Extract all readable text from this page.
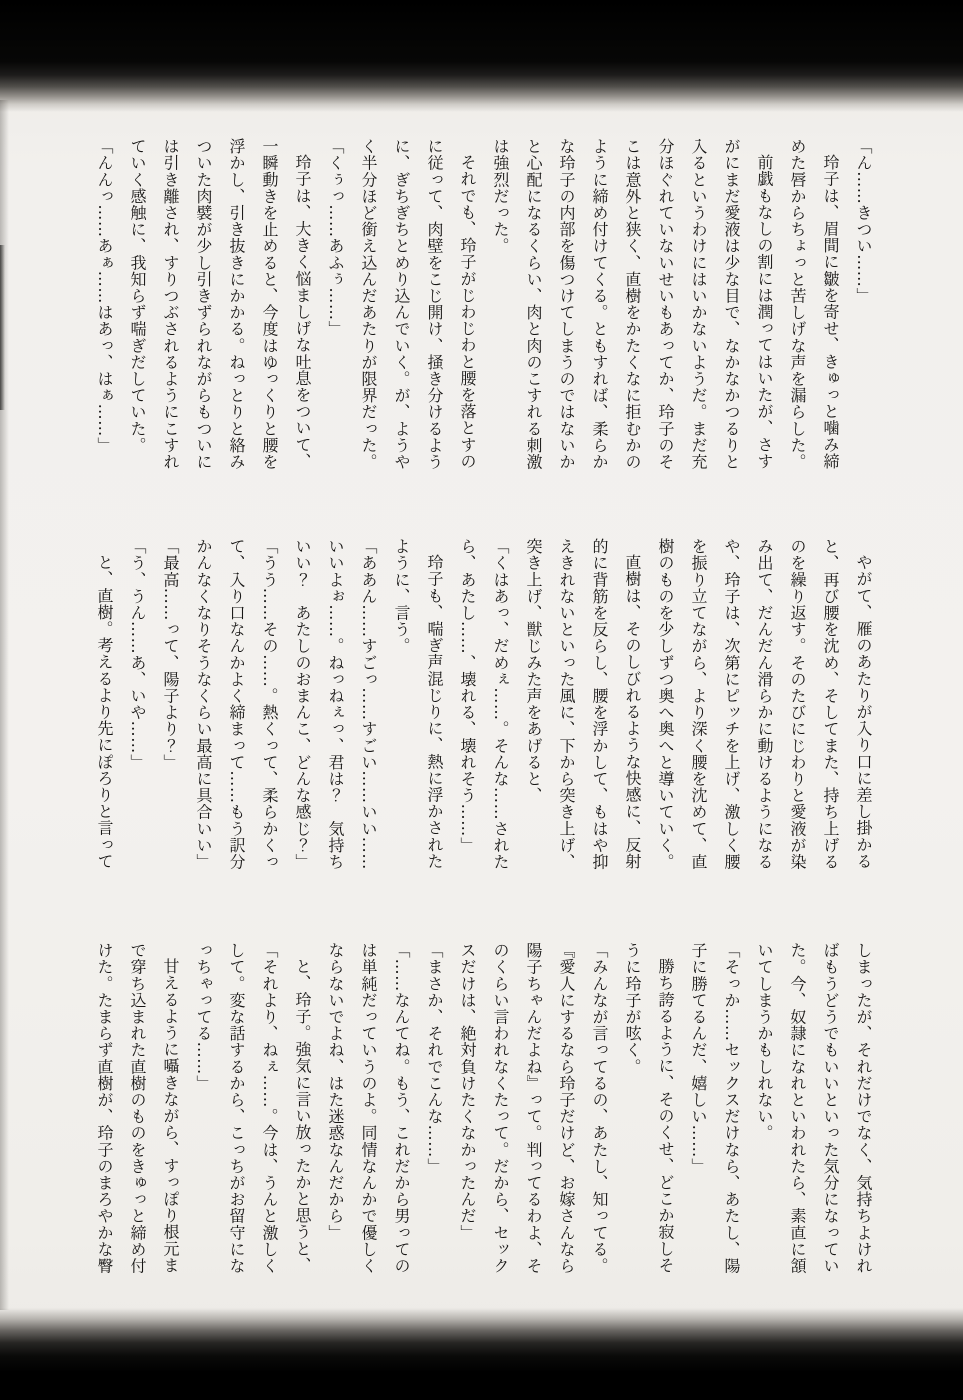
「ん……きつい……」

玲子は、眉間に皺を寄せ、きゅっと噛み締めた唇からちょっと苦しげな声を漏らした。

前戯もなしの割には潤ってはいたが、さすがにまだ愛液は少な目で、なかなかつるりと入るというわけにはいかないようだ。まだ充分ほぐれていないせいもあってか、玲子のそこは意外と狭く、直樹をかたくなに拒むかのように締め付けてくる。ともすれば、柔らかな玲子の内部を傷つけてしまうのではないかと心配になるくらい、肉と肉のこすれる刺激は強烈だった。

それでも、玲子がじわじわと腰を落とすのに従って、肉壁をこじ開け、掻き分けるように、ぎちぎちとめり込んでいく。が、ようやく半分ほど銜え込んだあたりが限界だった。

「くぅっ……あふぅ……」

玲子は、大きく悩ましげな吐息をついて、一瞬動きを止めると、今度はゆっくりと腰を浮かし、引き抜きにかかる。ねっとりと絡みついた肉襞が少し引きずられながらもついには引き離され、すりつぶされるようにこすれていく感触に、我知らず喘ぎだしていた。

「んんっ……あぁ……はあっ、はぁ……」

やがて、雁のあたりが入り口に差し掛かると、再び腰を沈め、そしてまた、持ち上げるのを繰り返す。そのたびにじわりと愛液が染み出て、だんだん滑らかに動けるようになるや、玲子は、次第にピッチを上げ、激しく腰を振り立てながら、より深く腰を沈めて、直樹のものを少しずつ奥へ奥へと導いていく。

直樹は、そのしびれるような快感に、反射的に背筋を反らし、腰を浮かして、もはや抑えきれないといった風に、下から突き上げ、突き上げ、獣じみた声をあげると、

「くはあっ、だめぇ……。そんな……されたら、あたし……、壊れる、壊れそう……」

玲子も、喘ぎ声混じりに、熱に浮かされたように、言う。

「ああん……すごっ……すごい……いい……いいよぉ……。ねっねぇっ、君は？　気持ちいい？　あたしのおまんこ、どんな感じ？」

「うう……その……。熱くって、柔らかくって、入り口なんかよく締まって……もう訳分かんなくなりそうなくらい最高に具合いい」

「最高……って、陽子より？」

「う、うん……あ、いや……」

と、直樹。考えるより先にぽろりと言って

しまったが、それだけでなく、気持ちよければもうどうでもいいといった気分になっていた。今、奴隷になれといわれたら、素直に頷いてしまうかもしれない。

「そっか……セックスだけなら、あたし、陽子に勝てるんだ、嬉しい……」

勝ち誇るように、そのくせ、どこか寂しそうに玲子が呟く。

「みんなが言ってるの、あたし、知ってる。『愛人にするなら玲子だけど、お嫁さんなら陽子ちゃんだよね』って。判ってるわよ、そのくらい言われなくたって。だから、セックスだけは、絶対負けたくなかったんだ」

「まさか、それでこんな……」

「……なんてね。もう、これだから男ってのは単純だっていうのよ。同情なんかで優しくならないでよね、はた迷惑なんだから」

と、玲子。強気に言い放ったかと思うと、

「それより、ねぇ……。今は、うんと激しくして。変な話するから、こっちがお留守になっちゃってる……」

甘えるように囁きながら、すっぽり根元まで穿ち込まれた直樹のものをきゅっと締め付けた。たまらず直樹が、玲子のまろやかな臀
